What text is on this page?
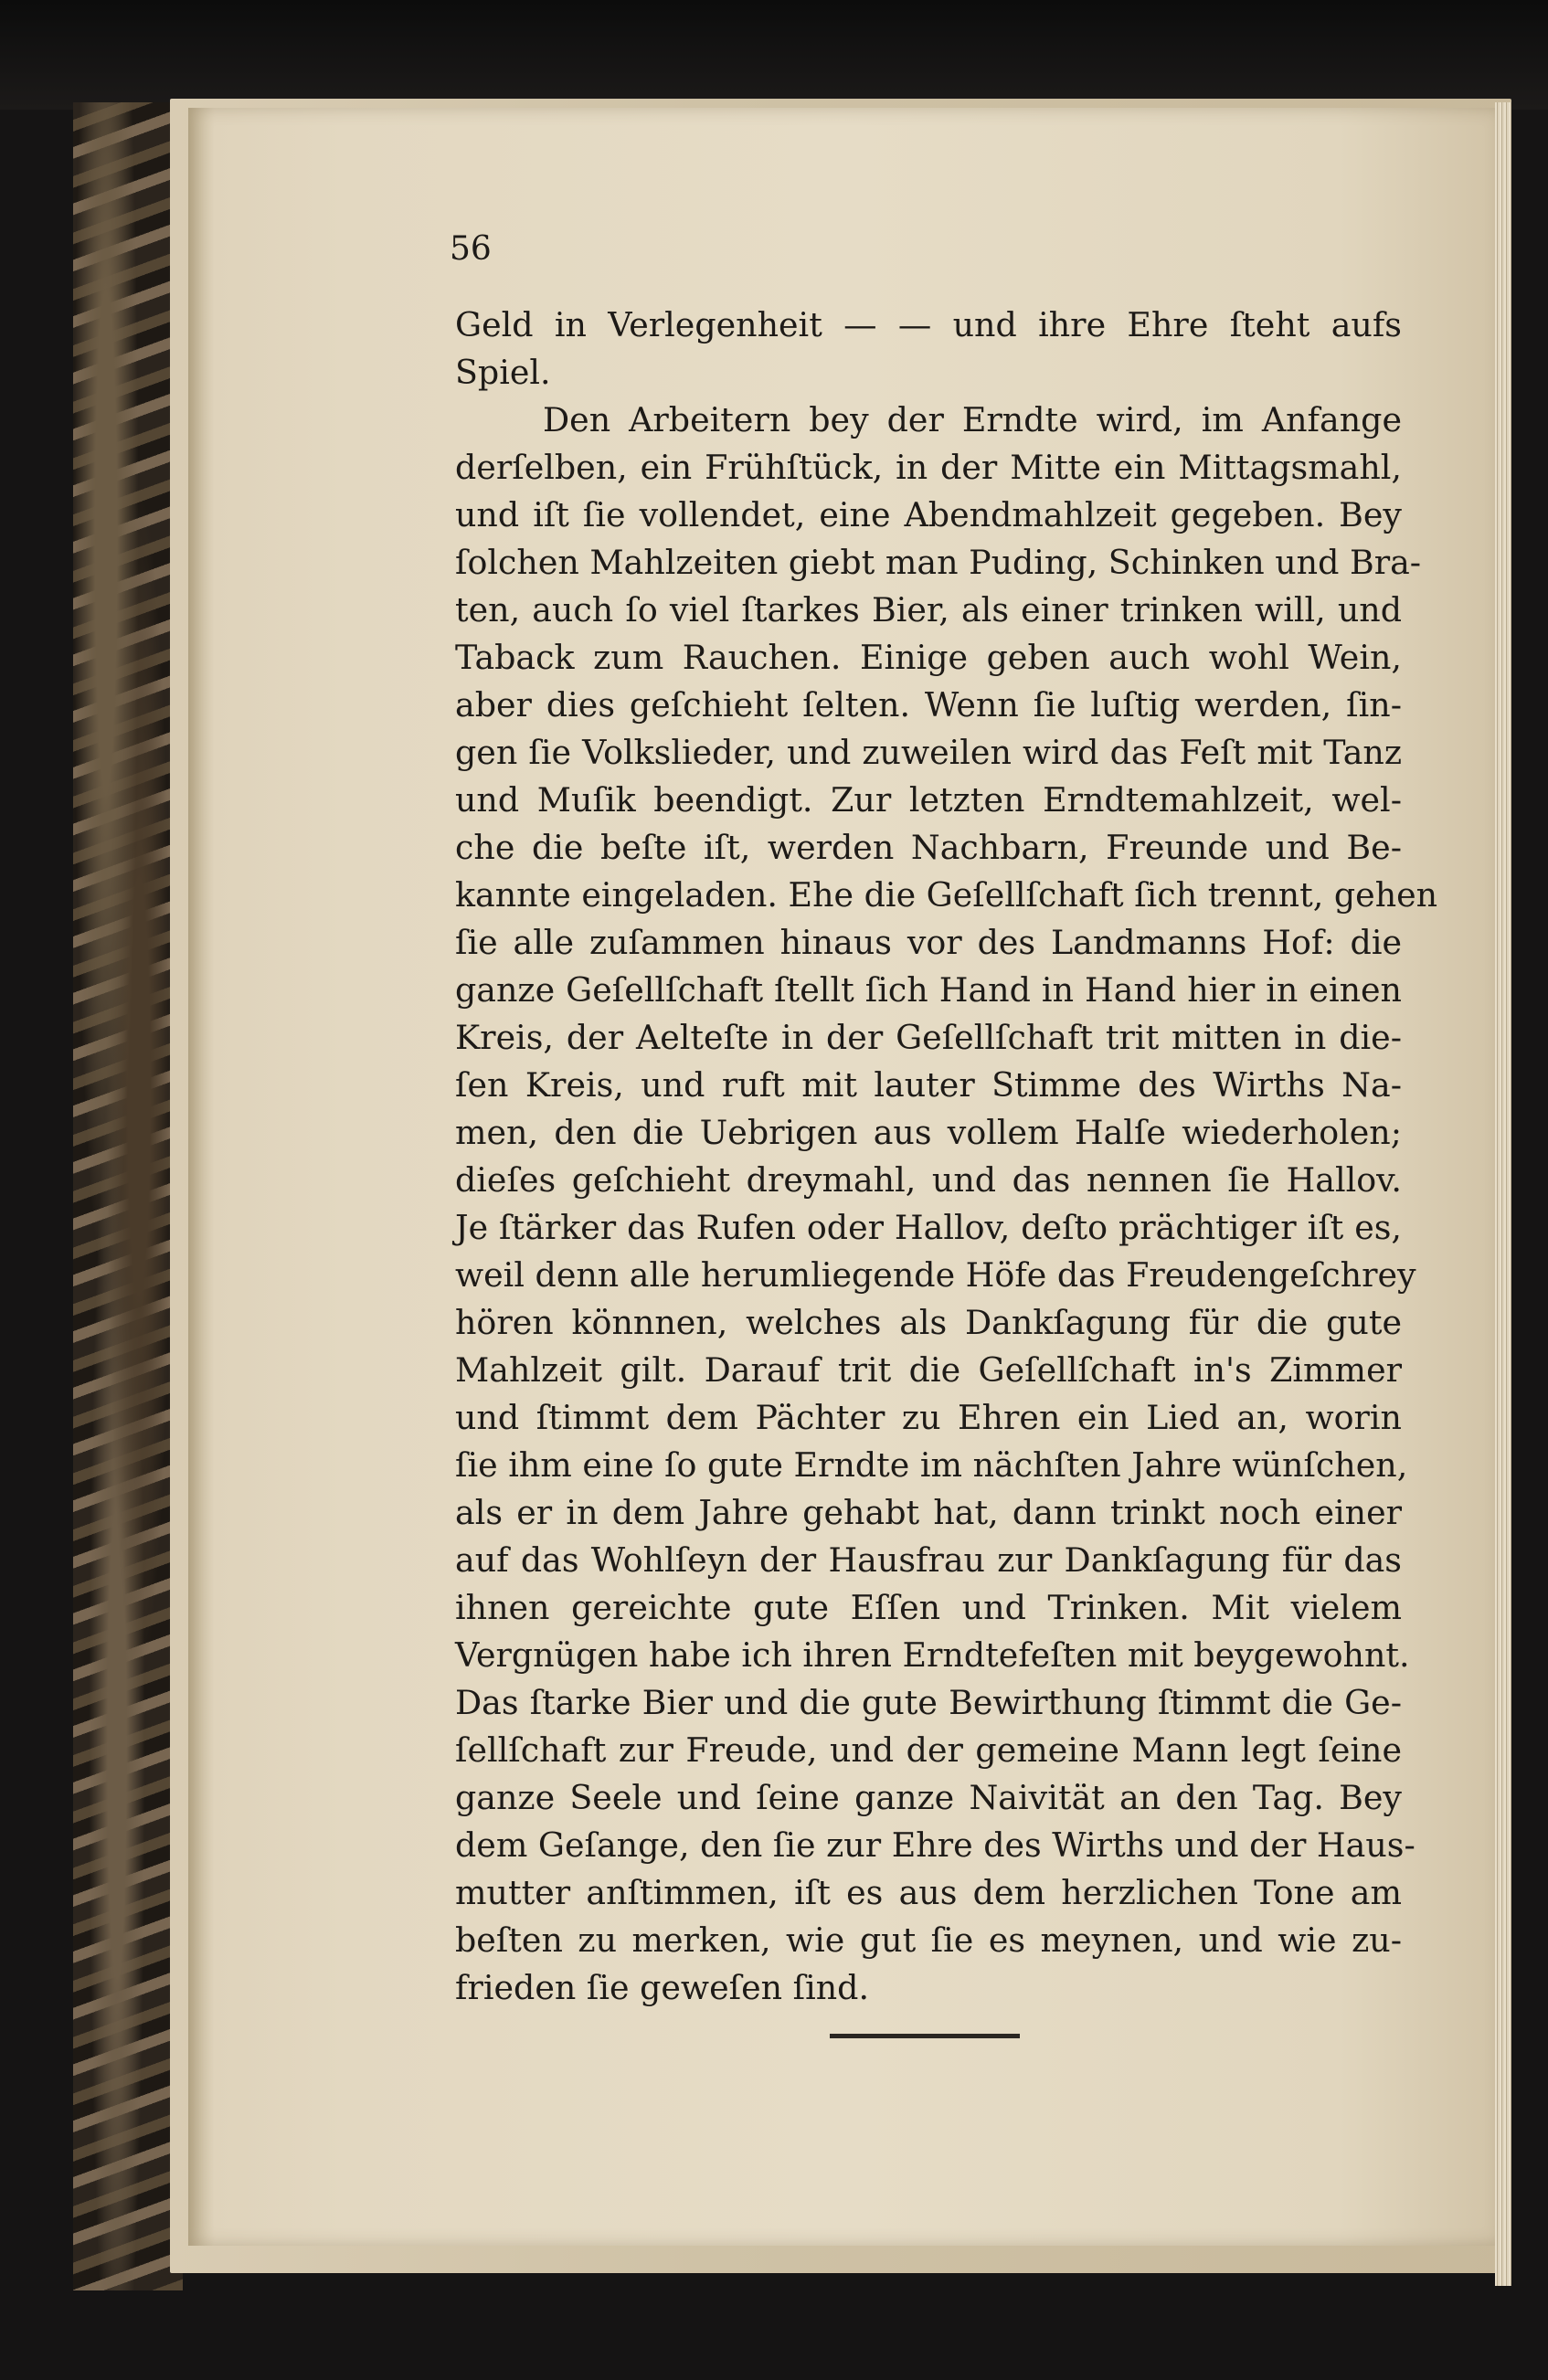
56
Geld in Verlegenheit — — und ihre Ehre ſteht aufs
Spiel.
Den Arbeitern bey der Erndte wird, im Anfange
derſelben, ein Frühſtück, in der Mitte ein Mittagsmahl,
und iſt ſie vollendet, eine Abendmahlzeit gegeben. Bey
ſolchen Mahlzeiten giebt man Puding, Schinken und Bra-
ten, auch ſo viel ſtarkes Bier, als einer trinken will, und
Taback zum Rauchen. Einige geben auch wohl Wein,
aber dies geſchieht ſelten. Wenn ſie luſtig werden, ſin-
gen ſie Volkslieder, und zuweilen wird das Feſt mit Tanz
und Muſik beendigt. Zur letzten Erndtemahlzeit, wel-
che die beſte iſt, werden Nachbarn, Freunde und Be-
kannte eingeladen. Ehe die Geſellſchaft ſich trennt, gehen
ſie alle zuſammen hinaus vor des Landmanns Hof: die
ganze Geſellſchaft ſtellt ſich Hand in Hand hier in einen
Kreis, der Aelteſte in der Geſellſchaft trit mitten in die-
ſen Kreis, und ruft mit lauter Stimme des Wirths Na-
men, den die Uebrigen aus vollem Halſe wiederholen;
dieſes geſchieht dreymahl, und das nennen ſie Hallov.
Je ſtärker das Rufen oder Hallov, deſto prächtiger iſt es,
weil denn alle herumliegende Höfe das Freudengeſchrey
hören könnnen, welches als Dankſagung für die gute
Mahlzeit gilt. Darauf trit die Geſellſchaft in's Zimmer
und ſtimmt dem Pächter zu Ehren ein Lied an, worin
ſie ihm eine ſo gute Erndte im nächſten Jahre wünſchen,
als er in dem Jahre gehabt hat, dann trinkt noch einer
auf das Wohlſeyn der Hausfrau zur Dankſagung für das
ihnen gereichte gute Eſſen und Trinken. Mit vielem
Vergnügen habe ich ihren Erndtefeſten mit beygewohnt.
Das ſtarke Bier und die gute Bewirthung ſtimmt die Ge-
ſellſchaft zur Freude, und der gemeine Mann legt ſeine
ganze Seele und ſeine ganze Naivität an den Tag. Bey
dem Geſange, den ſie zur Ehre des Wirths und der Haus-
mutter anſtimmen, iſt es aus dem herzlichen Tone am
beſten zu merken, wie gut ſie es meynen, und wie zu-
frieden ſie geweſen ſind.
